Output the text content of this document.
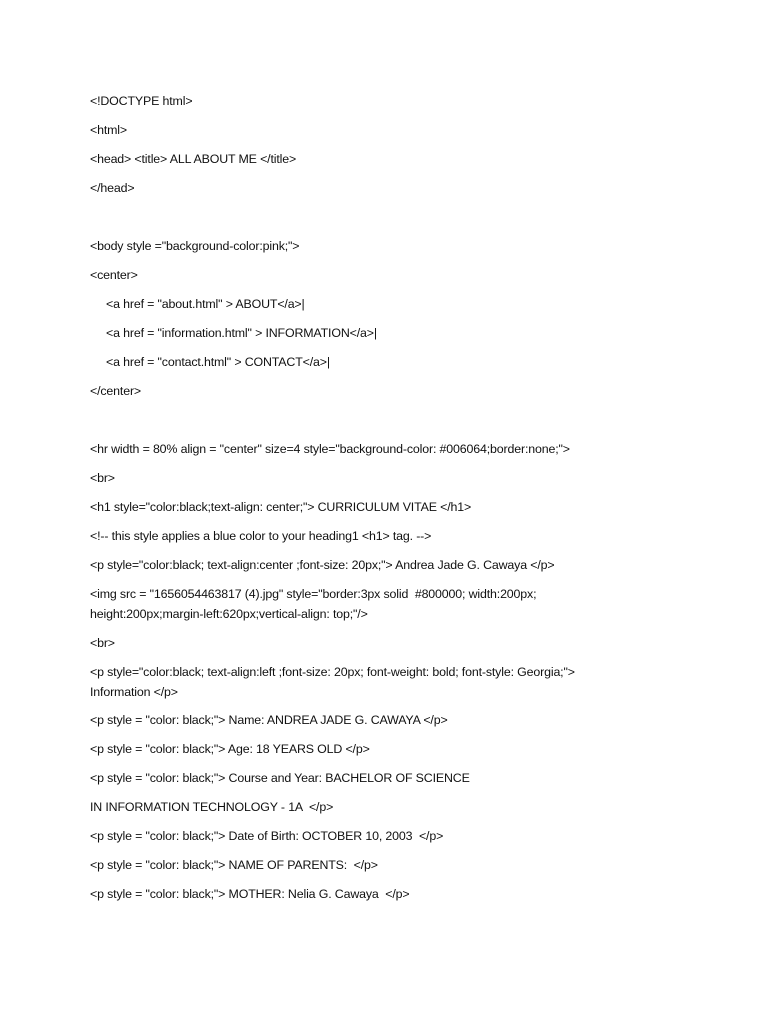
<!DOCTYPE html>

<html>

<head> <title> ALL ABOUT ME </title>

</head>

<body style ="background-color:pink;">

<center>

<a href = "about.html" > ABOUT</a>|

<a href = "information.html" > INFORMATION</a>|

<a href = "contact.html" > CONTACT</a>|

</center>

<hr width = 80% align = "center" size=4 style="background-color: #006064;border:none;">

<br>

<h1 style="color:black;text-align: center;"> CURRICULUM VITAE </h1>

<!-- this style applies a blue color to your heading1 <h1> tag. -->

<p style="color:black; text-align:center ;font-size: 20px;"> Andrea Jade G. Cawaya </p>

<img src = "1656054463817 (4).jpg" style="border:3px solid  #800000; width:200px;

height:200px;margin-left:620px;vertical-align: top;"/>

<br>

<p style="color:black; text-align:left ;font-size: 20px; font-weight: bold; font-style: Georgia;">

Information </p>

<p style = "color: black;"> Name: ANDREA JADE G. CAWAYA </p>

<p style = "color: black;"> Age: 18 YEARS OLD </p>

<p style = "color: black;"> Course and Year: BACHELOR OF SCIENCE

IN INFORMATION TECHNOLOGY - 1A  </p>

<p style = "color: black;"> Date of Birth: OCTOBER 10, 2003  </p>

<p style = "color: black;"> NAME OF PARENTS:  </p>

<p style = "color: black;"> MOTHER: Nelia G. Cawaya  </p>
